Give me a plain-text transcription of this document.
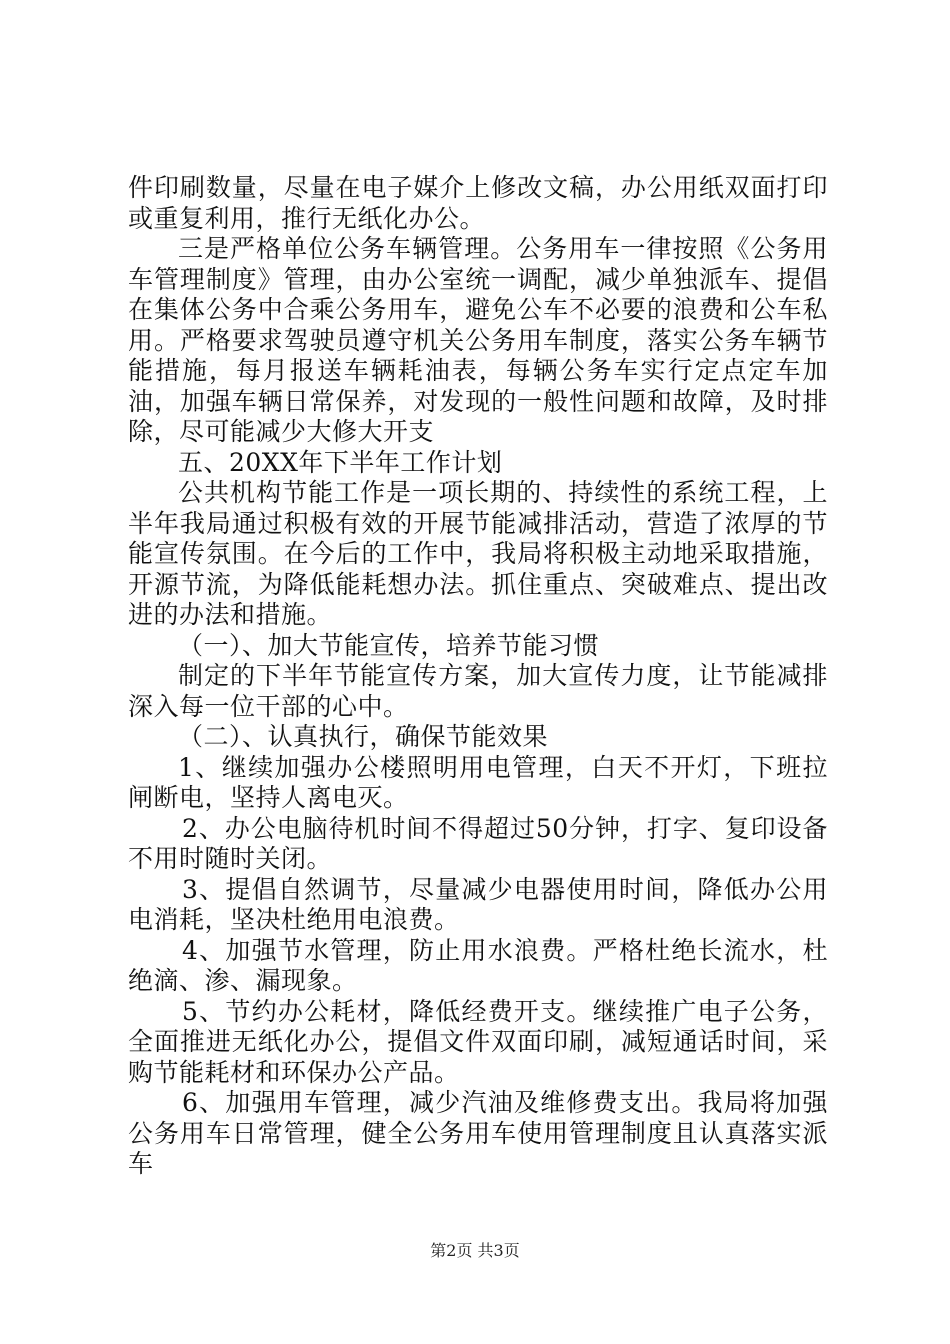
件印刷数量，尽量在电子媒介上修改文稿，办公用纸双面打印或重复利用，推行无纸化办公。

三是严格单位公务车辆管理。公务用车一律按照《公务用车管理制度》管理，由办公室统一调配，减少单独派车、提倡在集体公务中合乘公务用车，避免公车不必要的浪费和公车私用。严格要求驾驶员遵守机关公务用车制度，落实公务车辆节能措施，每月报送车辆耗油表，每辆公务车实行定点定车加油，加强车辆日常保养，对发现的一般性问题和故障，及时排除，尽可能减少大修大开支

五、20XX年下半年工作计划

公共机构节能工作是一项长期的、持续性的系统工程，上半年我局通过积极有效的开展节能减排活动，营造了浓厚的节能宣传氛围。在今后的工作中，我局将积极主动地采取措施，开源节流，为降低能耗想办法。抓住重点、突破难点、提出改进的办法和措施。

（一）、加大节能宣传，培养节能习惯

制定的下半年节能宣传方案，加大宣传力度，让节能减排深入每一位干部的心中。

（二）、认真执行，确保节能效果

1、继续加强办公楼照明用电管理，白天不开灯，下班拉闸断电，坚持人离电灭。

2、办公电脑待机时间不得超过50分钟，打字、复印设备不用时随时关闭。

3、提倡自然调节，尽量减少电器使用时间，降低办公用电消耗，坚决杜绝用电浪费。

4、加强节水管理，防止用水浪费。严格杜绝长流水，杜绝滴、渗、漏现象。

5、节约办公耗材，降低经费开支。继续推广电子公务，全面推进无纸化办公，提倡文件双面印刷，减短通话时间，采购节能耗材和环保办公产品。

6、加强用车管理，减少汽油及维修费支出。我局将加强公务用车日常管理，健全公务用车使用管理制度且认真落实派车

第2页 共3页
